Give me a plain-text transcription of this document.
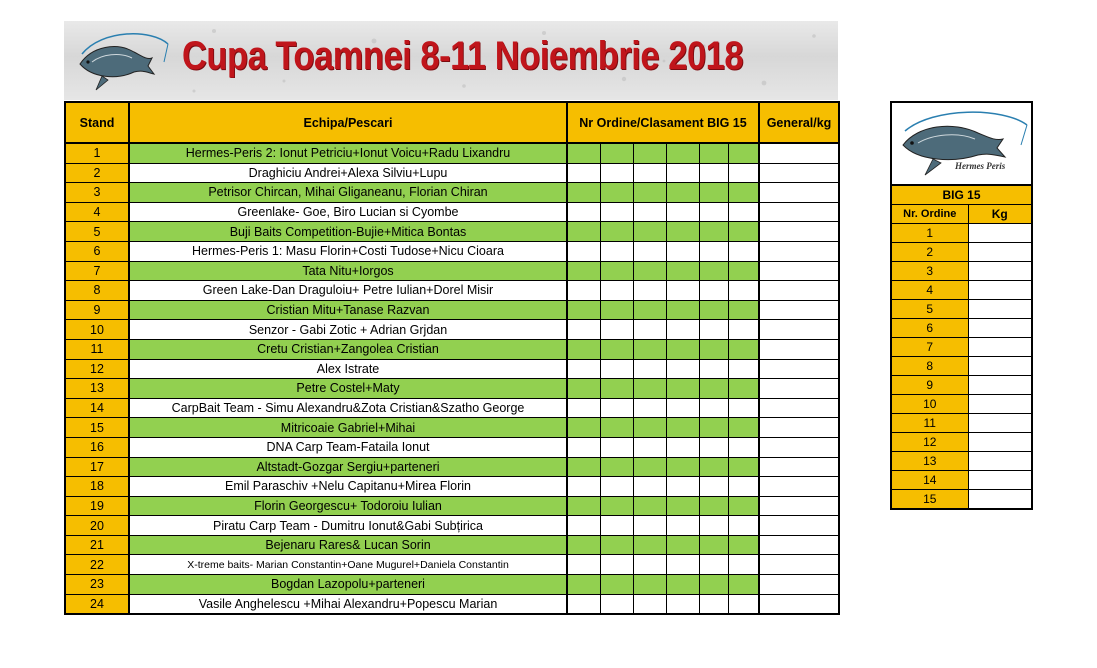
Cupa Toamnei 8-11 Noiembrie 2018
Stand	Echipa/Pescari	Nr Ordine/Clasament BIG 15						General/kg
1	Hermes-Peris 2: Ionut Petriciu+Ionut Voicu+Radu Lixandru							
2	Draghiciu Andrei+Alexa Silviu+Lupu							
3	Petrisor Chircan, Mihai Gliganeanu, Florian Chiran							
4	Greenlake- Goe, Biro Lucian si Cyombe							
5	Buji Baits Competition-Bujie+Mitica Bontas							
6	Hermes-Peris 1: Masu Florin+Costi Tudose+Nicu Cioara							
7	Tata Nitu+Iorgos							
8	Green Lake-Dan Draguloiu+ Petre Iulian+Dorel Misir							
9	Cristian Mitu+Tanase Razvan							
10	Senzor - Gabi Zotic + Adrian Grjdan							
11	Cretu Cristian+Zangolea Cristian							
12	Alex Istrate							
13	Petre Costel+Maty							
14	CarpBait Team - Simu Alexandru&Zota Cristian&Szatho George							
15	Mitricoaie Gabriel+Mihai							
16	DNA Carp Team-Fataila Ionut							
17	Altstadt-Gozgar Sergiu+parteneri							
18	Emil Paraschiv +Nelu Capitanu+Mirea Florin							
19	Florin Georgescu+ Todoroiu Iulian							
20	Piratu Carp Team - Dumitru Ionut&Gabi Subțirica							
21	Bejenaru Rares& Lucan Sorin							
22	X-treme baits- Marian Constantin+Oane Mugurel+Daniela Constantin							
23	Bogdan Lazopolu+parteneri							
24	Vasile Anghelescu +Mihai Alexandru+Popescu Marian							
Hermes Peris	

BIG 15	
Nr. Ordine	Kg
1	
2	
3	
4	
5	
6	
7	
8	
9	
10	
11	
12	
13	
14	
15	
